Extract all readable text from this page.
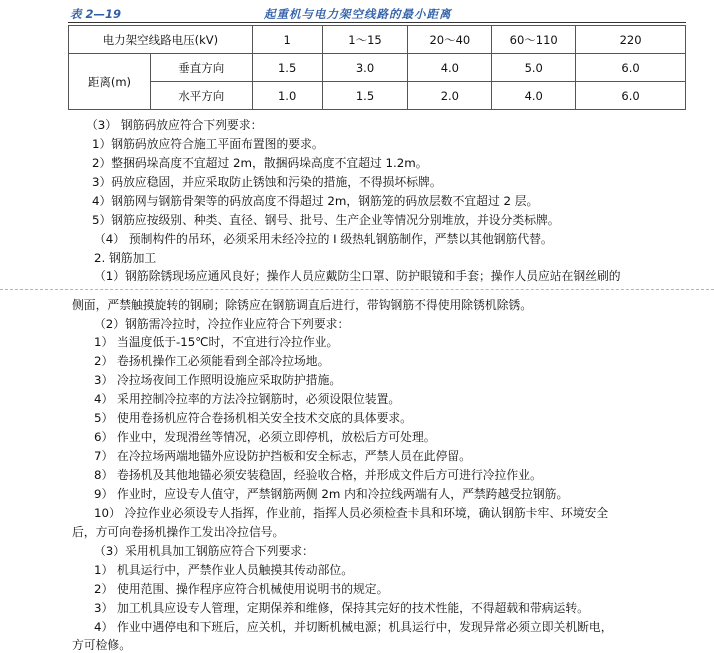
表 2—19	起重机与电力架空线路的最小距离
电力架空线路电压(kV)		1	1～15	20～40	60～110	220
距离(m)	垂直方向	1.5	3.0	4.0	5.0	6.0
	水平方向	1.0	1.5	2.0	4.0	6.0
（3） 钢筋码放应符合下列要求：
1）钢筋码放应符合施工平面布置图的要求。
2）整捆码垛高度不宜超过 2m，散捆码垛高度不宜超过 1.2m。
3）码放应稳固，并应采取防止锈蚀和污染的措施，不得损坏标牌。
4）钢筋网与钢筋骨架等的码放高度不得超过 2m，钢筋笼的码放层数不宜超过 2 层。
5）钢筋应按级别、种类、直径、钢号、批号、生产企业等情况分别堆放，并设分类标牌。
（4） 预制构件的吊环，必须采用未经冷拉的 I 级热轧钢筋制作，严禁以其他钢筋代替。
2. 钢筋加工
（1）钢筋除锈现场应通风良好；操作人员应戴防尘口罩、防护眼镜和手套；操作人员应站在钢丝刷的
侧面，严禁触摸旋转的钢刷；除锈应在钢筋调直后进行，带钩钢筋不得使用除锈机除锈。
（2）钢筋需冷拉时，冷拉作业应符合下列要求：
1） 当温度低于-15℃时，不宜进行冷拉作业。
2） 卷扬机操作工必须能看到全部冷拉场地。
3） 冷拉场夜间工作照明设施应采取防护措施。
4） 采用控制冷拉率的方法冷拉钢筋时，必须设限位装置。
5） 使用卷扬机应符合卷扬机相关安全技术交底的具体要求。
6） 作业中，发现滑丝等情况，必须立即停机，放松后方可处理。
7） 在冷拉场两端地锚外应设防护挡板和安全标志，严禁人员在此停留。
8） 卷扬机及其他地锚必须安装稳固，经验收合格，并形成文件后方可进行冷拉作业。
9） 作业时，应设专人值守，严禁钢筋两侧 2m 内和冷拉线两端有人，严禁跨越受拉钢筋。
10） 冷拉作业必须设专人指挥，作业前，指挥人员必须检查卡具和环境，确认钢筋卡牢、环境安全
后，方可向卷扬机操作工发出冷拉信号。
（3）采用机具加工钢筋应符合下列要求：
1） 机具运行中，严禁作业人员触摸其传动部位。
2） 使用范围、操作程序应符合机械使用说明书的规定。
3） 加工机具应设专人管理，定期保养和维修，保持其完好的技术性能，不得超载和带病运转。
4） 作业中遇停电和下班后，应关机，并切断机械电源；机具运行中，发现异常必须立即关机断电，
方可检修。
